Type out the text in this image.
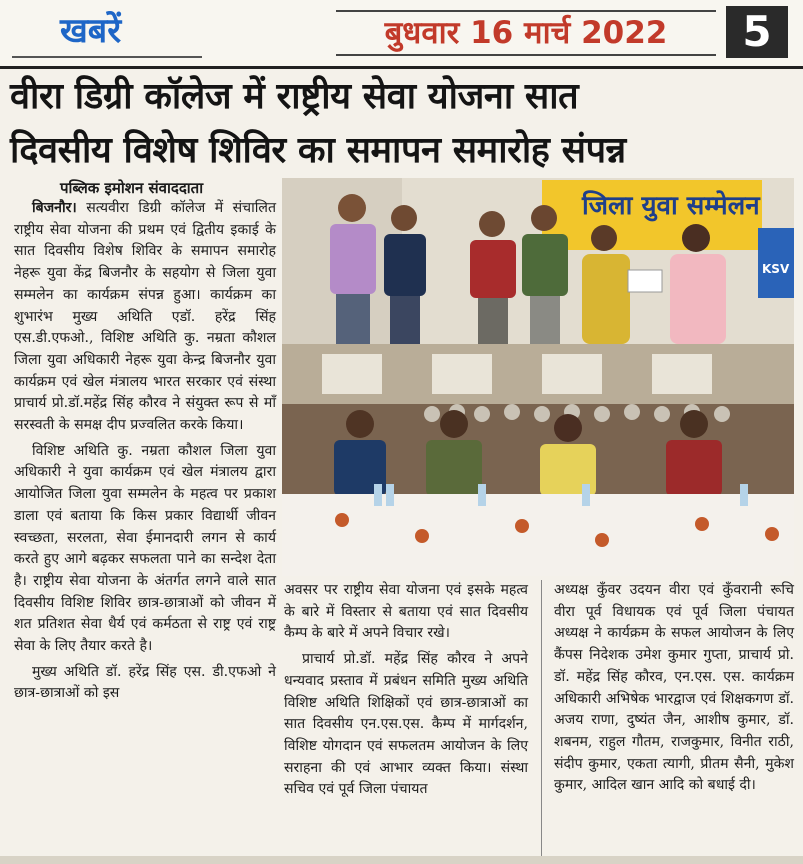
खबरें	बुधवार 16 मार्च 2022	5
वीरा डिग्री कॉलेज में राष्ट्रीय सेवा योजना सात
दिवसीय विशेष शिविर का समापन समारोह संपन्न
पब्लिक इमोशन संवाददाता

बिजनौर। सत्यवीरा डिग्री कॉलेज में संचालित राष्ट्रीय सेवा योजना की प्रथम एवं द्वितीय इकाई के सात दिवसीय विशेष शिविर के समापन समारोह नेहरू युवा केंद्र बिजनौर के सहयोग से जिला युवा सम्मलेन का कार्यक्रम संपन्न हुआ। कार्यक्रम का शुभारंभ मुख्य अथिति एडॉ. हरेंद्र सिंह एस.डी.एफओ., विशिष्ट अथिति कु. नम्रता कौशल जिला युवा अधिकारी नेहरू युवा केन्द्र बिजनौर युवा कार्यक्रम एवं खेल मंत्रालय भारत सरकार एवं संस्था प्राचार्य प्रो.डॉ.महेंद्र सिंह कौरव ने संयुक्त रूप से माँ सरस्वती के समक्ष दीप प्रज्वलित करके किया।

विशिष्ट अथिति कु. नम्रता कौशल जिला युवा अधिकारी ने युवा कार्यक्रम एवं खेल मंत्रालय द्वारा आयोजित जिला युवा सम्मलेन के महत्व पर प्रकाश डाला एवं बताया कि किस प्रकार विद्यार्थी जीवन स्वच्छता, सरलता, सेवा ईमानदारी लगन से कार्य करते हुए आगे बढ़कर सफलता पाने का सन्देश देता है। राष्ट्रीय सेवा योजना के अंतर्गत लगने वाले सात दिवसीय विशिष्ट शिविर छात्र-छात्राओं को जीवन में शत प्रतिशत सेवा धैर्य एवं कर्मठता से राष्ट्र एवं राष्ट्र सेवा के लिए तैयार करते है।

मुख्य अथिति डॉ. हरेंद्र सिंह एस. डी.एफओ ने छात्र-छात्राओं को इस

जिला युवा सम्मेलन
KSV

अवसर पर राष्ट्रीय सेवा योजना एवं इसके महत्व के बारे में विस्तार से बताया एवं सात दिवसीय कैम्प के बारे में अपने विचार रखे।

प्राचार्य प्रो.डॉ. महेंद्र सिंह कौरव ने अपने धन्यवाद प्रस्ताव में प्रबंधन समिति मुख्य अथिति विशिष्ट अथिति शिक्षिकों एवं छात्र-छात्राओं का सात दिवसीय एन.एस.एस. कैम्प में मार्गदर्शन, विशिष्ट योगदान एवं सफलतम आयोजन के लिए सराहना की एवं आभार व्यक्त किया। संस्था सचिव एवं पूर्व जिला पंचायत

अध्यक्ष कुँवर उदयन वीरा एवं कुँवरानी रूचि वीरा पूर्व विधायक एवं पूर्व जिला पंचायत अध्यक्ष ने कार्यक्रम के सफल आयोजन के लिए कैंपस निदेशक उमेश कुमार गुप्ता, प्राचार्य प्रो. डॉ. महेंद्र सिंह कौरव, एन.एस. एस. कार्यक्रम अधिकारी अभिषेक भारद्वाज एवं शिक्षकगण डॉ. अजय राणा, दुष्यंत जैन, आशीष कुमार, डॉ. शबनम, राहुल गौतम, राजकुमार, विनीत राठी, संदीप कुमार, एकता त्यागी, प्रीतम सैनी, मुकेश कुमार, आदिल खान आदि को बधाई दी।
